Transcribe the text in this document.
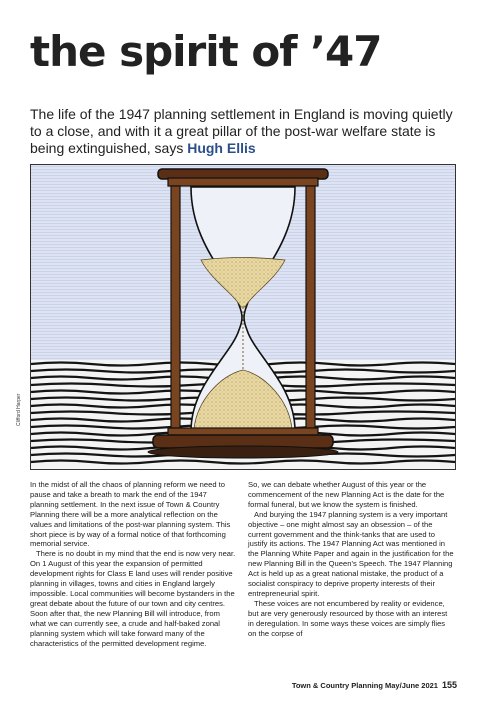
the spirit of ’47

The life of the 1947 planning settlement in England is moving quietly to a close, and with it a great pillar of the post-war welfare state is being extinguished, says Hugh Ellis

Clifford Harper

In the midst of all the chaos of planning reform we need to pause and take a breath to mark the end of the 1947 planning settlement. In the next issue of Town & Country Planning there will be a more analytical reflection on the values and limitations of the post-war planning system. This short piece is by way of a formal notice of that forthcoming memorial service.

There is no doubt in my mind that the end is now very near. On 1 August of this year the expansion of permitted development rights for Class E land uses will render positive planning in villages, towns and cities in England largely impossible. Local communities will become bystanders in the great debate about the future of our town and city centres. Soon after that, the new Planning Bill will introduce, from what we can currently see, a crude and half-baked zonal planning system which will take forward many of the characteristics of the permitted development regime.

So, we can debate whether August of this year or the commencement of the new Planning Act is the date for the formal funeral, but we know the system is finished.

And burying the 1947 planning system is a very important objective – one might almost say an obsession – of the current government and the think-tanks that are used to justify its actions. The 1947 Planning Act was mentioned in the Planning White Paper and again in the justification for the new Planning Bill in the Queen’s Speech. The 1947 Planning Act is held up as a great national mistake, the product of a socialist conspiracy to deprive property interests of their entrepreneurial spirit.

These voices are not encumbered by reality or evidence, but are very generously resourced by those with an interest in deregulation. In some ways these voices are simply flies on the corpse of

Town & Country Planning May/June 2021 155
